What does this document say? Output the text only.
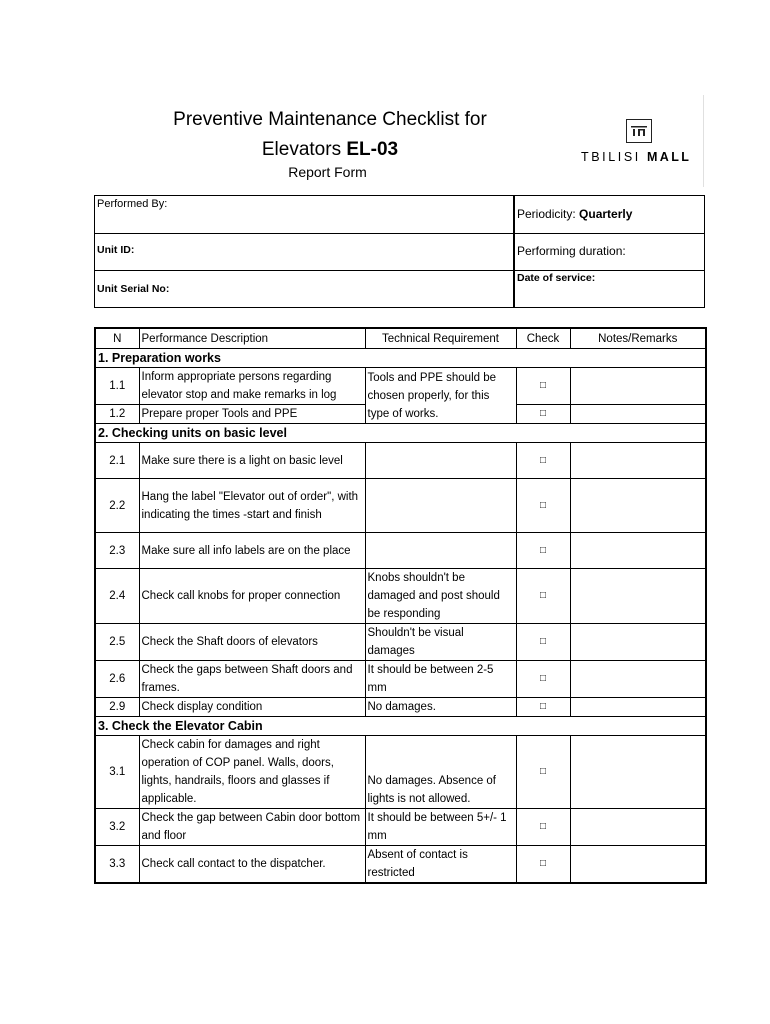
Preventive Maintenance Checklist for
Elevators EL-03
Report Form
TBILISI MALL
Performed By:
Periodicity: Quarterly
Unit ID:	Performing duration:
Unit Serial No:
Date of service:
N	Performance Description	Technical Requirement	Check	Notes/Remarks
1. Preparation works				
1.1	Inform appropriate persons regarding elevator stop and make remarks in log	Tools and PPE should be chosen properly, for this type of works.	□	
1.2	Prepare proper Tools and PPE		□	
2. Checking units on basic level				
2.1	Make sure there is a light on basic level		□	
2.2	Hang the label "Elevator out of order", with indicating the times -start and finish		□	
2.3	Make sure all info labels are on the place		□	
2.4	Check call knobs for proper connection	Knobs shouldn't be damaged and post should be responding	□	
2.5	Check the Shaft doors of elevators	Shouldn't be visual damages	□	
2.6	Check the gaps between Shaft doors and frames.	It should be between 2-5 mm	□	
2.9	Check display condition	No damages.	□	
3. Check the Elevator Cabin				
3.1	Check cabin for damages and right operation of COP panel. Walls, doors, lights, handrails, floors and glasses if applicable.	No damages. Absence of lights is not allowed.	□	
3.2	Check the gap between Cabin door bottom and floor	It should be between 5+/- 1 mm	□	
3.3	Check call contact to the dispatcher.	Absent of contact is restricted	□	
